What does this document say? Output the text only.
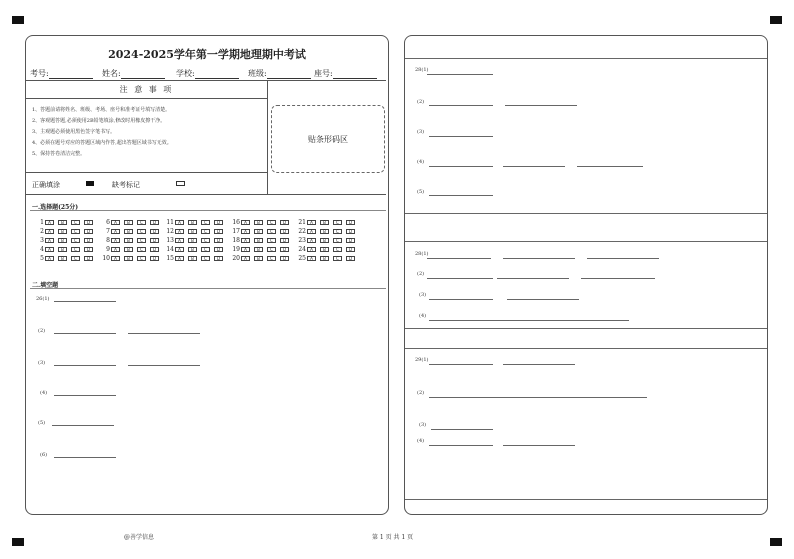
2024-2025学年第一学期地理期中考试
考号:	姓名:	学校:	班级:	座号:
注 意 事 项
1、答题前请将姓名、班级、考场、座号和准考证号填写清楚。
2、客观题答题,必须使用2B铅笔填涂,修改时用橡皮擦干净。
3、主观题必须使用黑色签字笔书写。
4、必须在题号对应的答题区域内作答,超出答题区域书写无效。
5、保持答卷清洁完整。
贴条形码区
正确填涂	缺考标记
一.选择题(25分)
1 A	B	C	D
2 A	B	C	D
3 A	B	C	D
4 A	B	C	D
5 A	B	C	D
6 A	B	C	D
7 A	B	C	D
8 A	B	C	D
9 A	B	C	D
10 A	B	C	D
11 A	B	C	D
12 A	B	C	D
13 A	B	C	D
14 A	B	C	D
15 A	B	C	D
16 A	B	C	D
17 A	B	C	D
18 A	B	C	D
19 A	B	C	D
20 A	B	C	D
21 A	B	C	D
22 A	B	C	D
23 A	B	C	D
24 A	B	C	D
25 A	B	C	D
二.填空题
26(1)
(2)
(3)
(4)
(5)
(6)
28(1)
(2)
(3)
(4)
(5)
28(1)
(2)
(3)
(4)
29(1)
(2)
(3)
(4)
@善学信息	第 1 页 共 1 页
